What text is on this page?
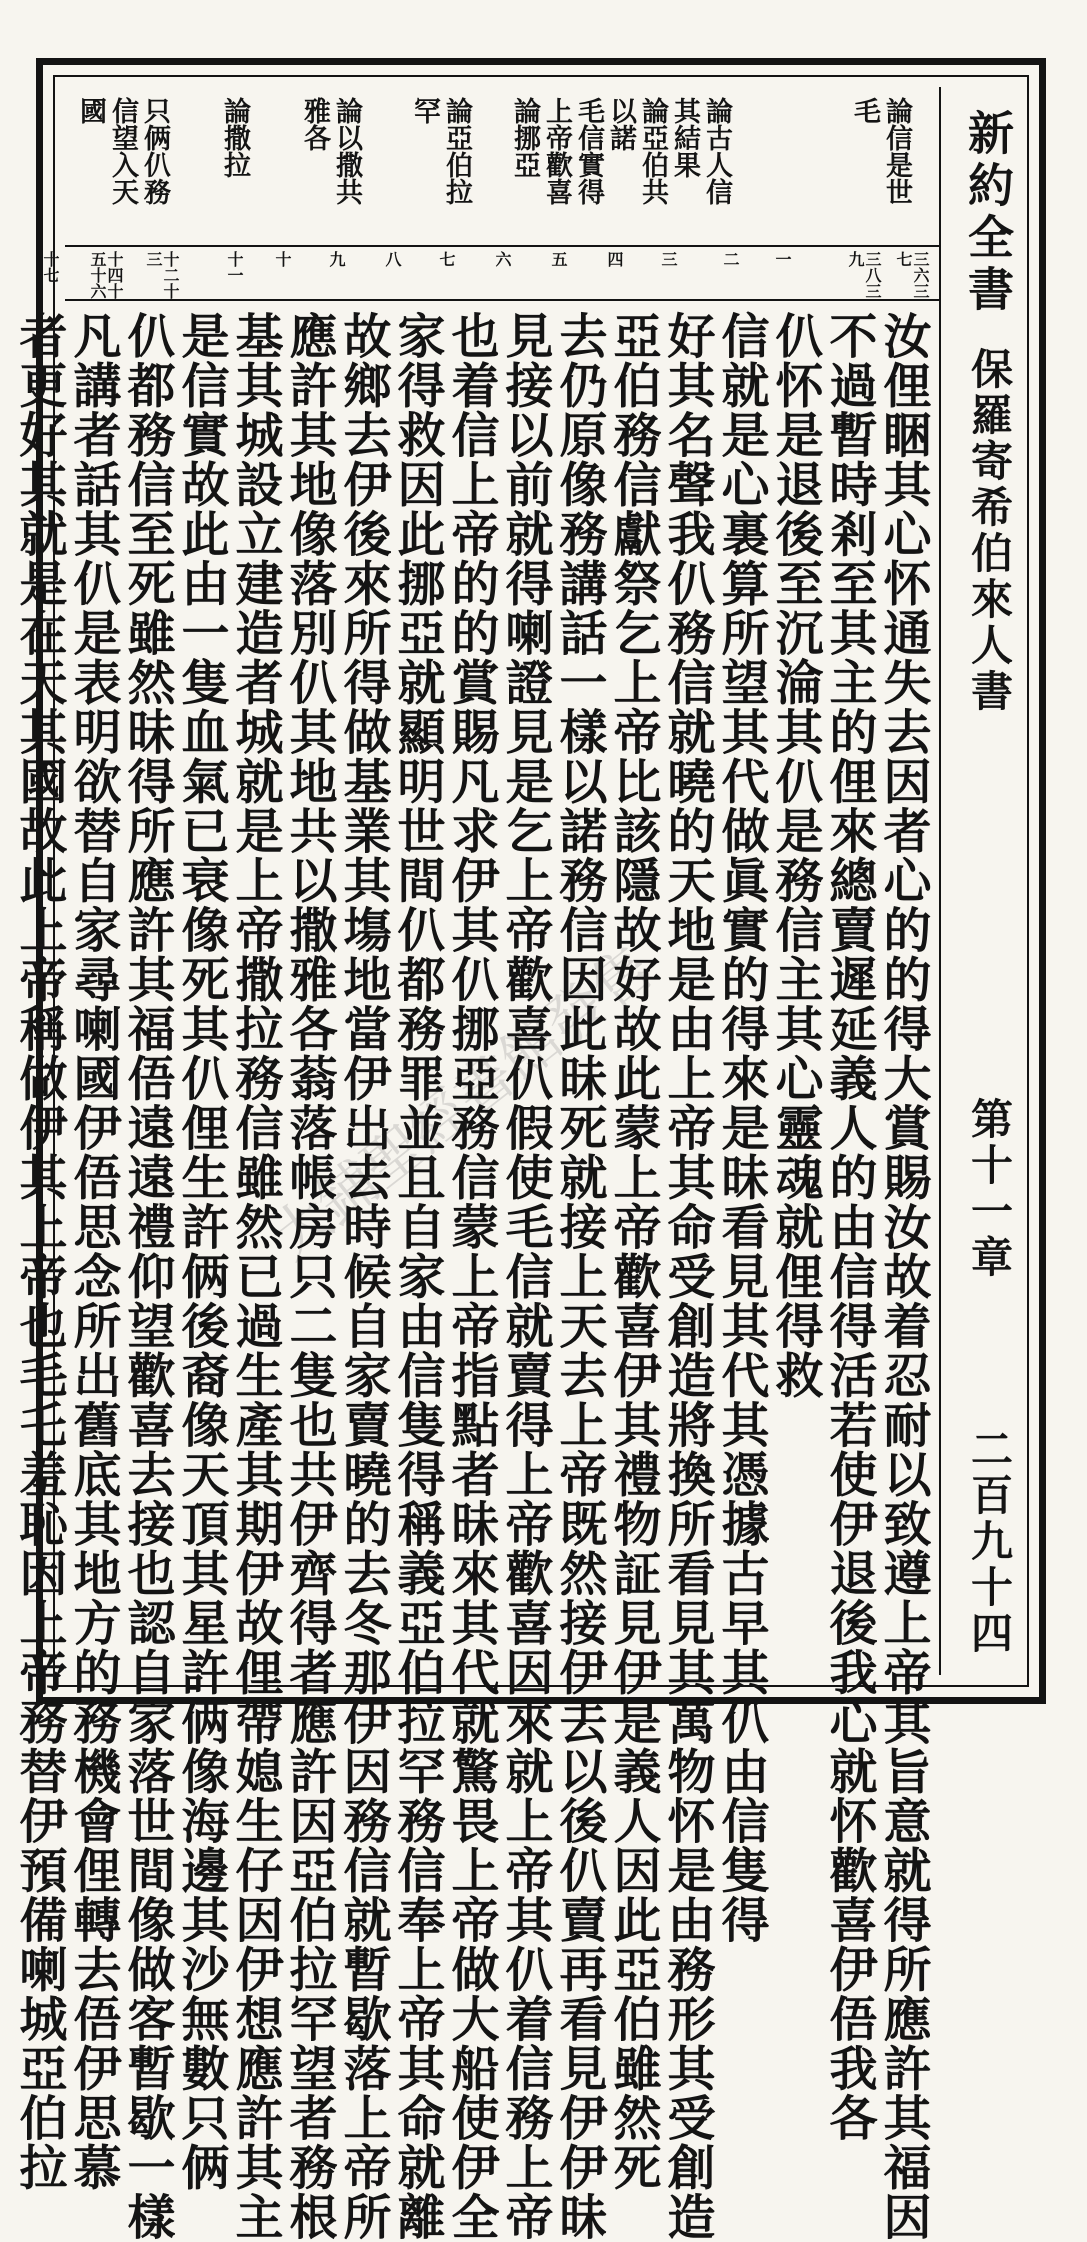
新約全書
保羅寄希伯來人書
第十一章
二百九十四
論信是世
毛
論古人信
其結果
論亞伯共
以諾
毛信實得
上帝歡喜
論挪亞
論亞伯拉
罕
論以撒共
雅各
論撒拉
只俩仈務
信望入天
國
三六三七
三八三九
一
二
三
四
五
六
七
八
九
十
十一
十二十三
十四十五十六
十七
大鋪聖經書館發售	汝俚睏其心怀通失去因者心的的得大賞賜汝故着忍耐以致遵上帝其旨意就得所應許其福因
不過暫時剎至其主的俚來總賣遲延義人的由信得活若使伊退後我心就怀歡喜伊俉我各
仈怀是退後至沉淪其仈是務信主其心靈魂就俚得救
信就是心裏算所望其代做眞實的得來是昧看見其代其憑據古早其仈由信隻得
好其名聲我仈務信就曉的天地是由上帝其命受創造將換所看見其萬物怀是由務形其受創造
亞伯務信獻祭乞上帝比該隱故好故此蒙上帝歡喜伊其禮物証見伊是義人因此亞伯雖然死
去仍原像務講話一樣以諾務信因此昧死就接上天去上帝既然接伊去以後仈賣再看見伊伊昧
見接以前就得喇證見是乞上帝歡喜仈假使毛信就賣得上帝歡喜因來就上帝其仈着信務上帝
也着信上帝的的賞賜凡求伊其仈挪亞務信蒙上帝指點者昧來其代就驚畏上帝做大船使伊全
家得救因此挪亞就顯明世間仈都務罪並且自家由信隻得稱義亞伯拉罕務信奉上帝其命就離
故鄉去伊後來所得做基業其塲地當伊出去時候自家賣曉的去冬那伊因務信就暫歇落上帝所
應許其地像落別仈其地共以撒雅各蓊落帳房只二隻也共伊齊得者應許因亞伯拉罕望者務根
基其城設立建造者城就是上帝撒拉務信雖然已過生產其期伊故俚帶媳生仔因伊想應許其主
是信實故此由一隻血氣已衰像死其仈俚生許俩後裔像天頂其星許俩像海邊其沙無數只俩
仈都務信至死雖然昧得所應許其福俉遠遠禮仰望歡喜去接也認自家落世間像做客暫歇一樣
凡講者話其仈是表明欲替自家尋喇國伊俉思念所出舊底其地方的務機會俚轉去俉伊思慕
者更好其就是在天其國故此上帝稱做伊其上帝也毛乇羞恥因上帝務替伊預備喇城亞伯拉
